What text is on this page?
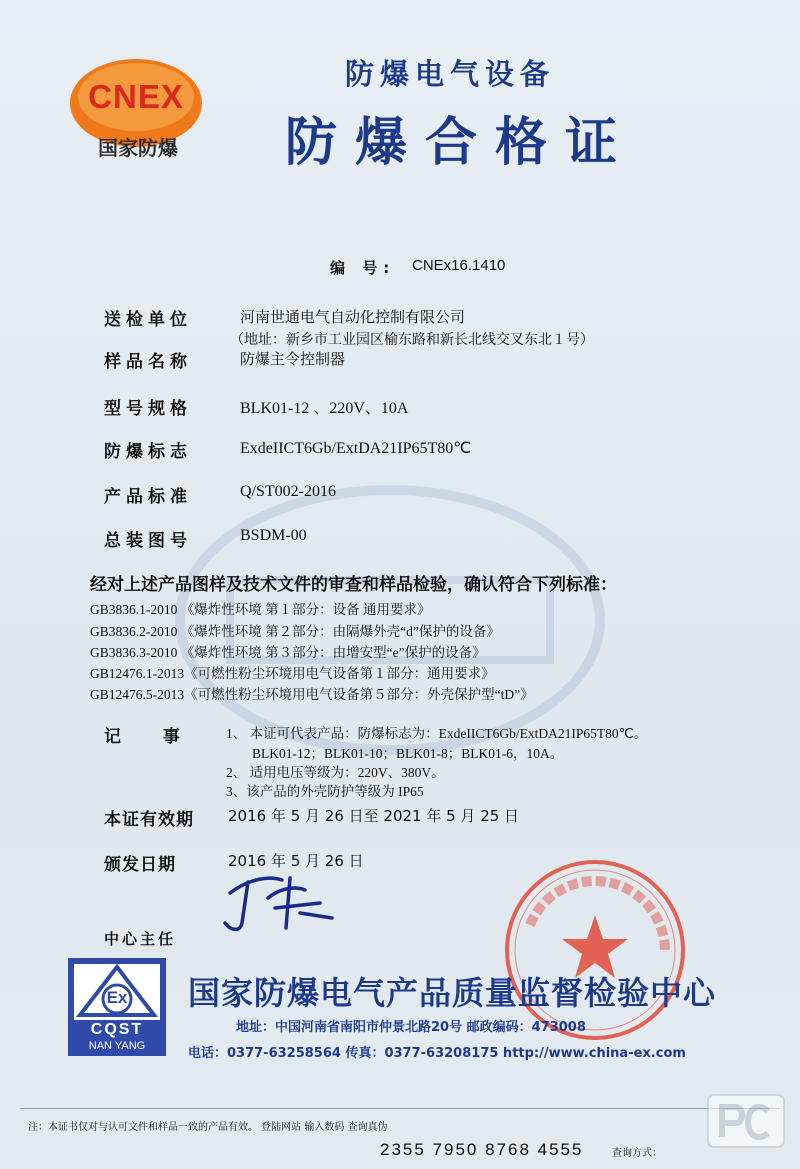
CNEX
国家防爆
防爆电气设备
防爆合格证
编 号: CNEx16.1410
送检单位	河南世通电气自动化控制有限公司
（地址：新乡市工业园区榆东路和新长北线交叉东北１号）
样品名称	防爆主令控制器
型号规格	BLK01-12 、220V、10A
防爆标志	ExdeIICT6Gb/ExtDA21IP65T80℃
产品标准	Q/ST002-2016
总装图号	BSDM-00
经对上述产品图样及技术文件的审查和样品检验，确认符合下列标准：
GB3836.1-2010 《爆炸性环境 第１部分：设备 通用要求》
GB3836.2-2010 《爆炸性环境 第２部分：由隔爆外壳“d”保护的设备》
GB3836.3-2010 《爆炸性环境 第３部分：由增安型“e”保护的设备》
GB12476.1-2013《可燃性粉尘环境用电气设备第１部分：通用要求》
GB12476.5-2013《可燃性粉尘环境用电气设备第５部分：外壳保护型“tD”》
记 事 1、 本证可代表产品：防爆标志为：ExdeIICT6Gb/ExtDA21IP65T80℃。
BLK01-12；BLK01-10；BLK01-8；BLK01-6，10A。
2、 适用电压等级为：220V、380V。
3、该产品的外壳防护等级为 IP65
本证有效期 2016 年 5 月 26 日至 2021 年 5 月 25 日
颁发日期	2016 年 5 月 26 日
中心主任
Ex
CQST
NAN YANG
国家防爆电气产品质量监督检验中心
地址：中国河南省南阳市仲景北路20号 邮政编码：473008
电话：0377-63258564 传真：0377-63208175 http://www.china-ex.com
注：本证书仅对与认可文件和样品一致的产品有效。 登陆网站 输入数码 查询真伪
2355 7950 8768 4555	查询方式：
